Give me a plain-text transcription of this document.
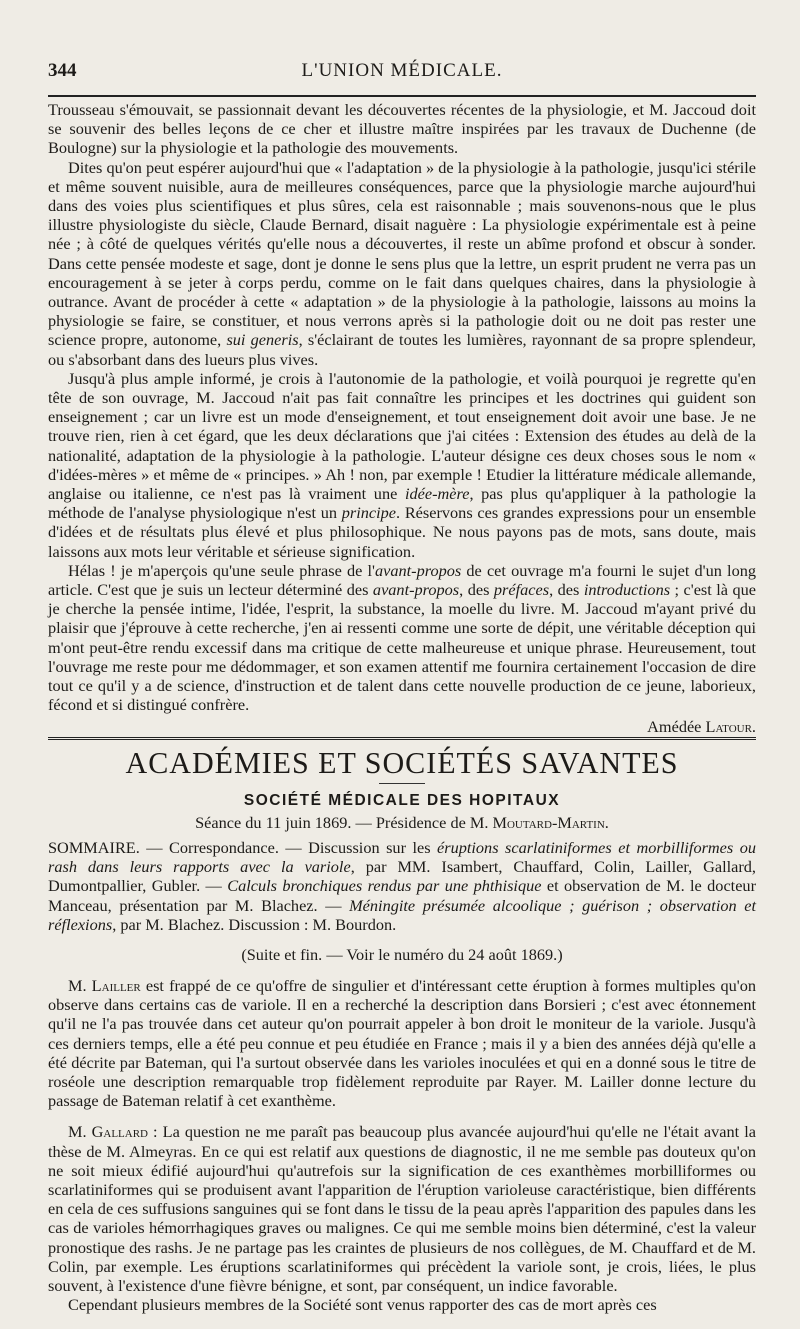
344	L'UNION MÉDICALE.

Trousseau s'émouvait, se passionnait devant les découvertes récentes de la physiologie, et M. Jaccoud doit se souvenir des belles leçons de ce cher et illustre maître inspirées par les travaux de Duchenne (de Boulogne) sur la physiologie et la pathologie des mouvements.

Dites qu'on peut espérer aujourd'hui que « l'adaptation » de la physiologie à la pathologie, jusqu'ici stérile et même souvent nuisible, aura de meilleures conséquences, parce que la physiologie marche aujourd'hui dans des voies plus scientifiques et plus sûres, cela est raisonnable ; mais souvenons-nous que le plus illustre physiologiste du siècle, Claude Bernard, disait naguère : La physiologie expérimentale est à peine née ; à côté de quelques vérités qu'elle nous a découvertes, il reste un abîme profond et obscur à sonder. Dans cette pensée modeste et sage, dont je donne le sens plus que la lettre, un esprit prudent ne verra pas un encouragement à se jeter à corps perdu, comme on le fait dans quelques chaires, dans la physiologie à outrance. Avant de procéder à cette « adaptation » de la physiologie à la pathologie, laissons au moins la physiologie se faire, se constituer, et nous verrons après si la pathologie doit ou ne doit pas rester une science propre, autonome, sui generis, s'éclairant de toutes les lumières, rayonnant de sa propre splendeur, ou s'absorbant dans des lueurs plus vives.

Jusqu'à plus ample informé, je crois à l'autonomie de la pathologie, et voilà pourquoi je regrette qu'en tête de son ouvrage, M. Jaccoud n'ait pas fait connaître les principes et les doctrines qui guident son enseignement ; car un livre est un mode d'enseignement, et tout enseignement doit avoir une base. Je ne trouve rien, rien à cet égard, que les deux déclarations que j'ai citées : Extension des études au delà de la nationalité, adaptation de la physiologie à la pathologie. L'auteur désigne ces deux choses sous le nom « d'idées-mères » et même de « principes. » Ah ! non, par exemple ! Etudier la littérature médicale allemande, anglaise ou italienne, ce n'est pas là vraiment une idée-mère, pas plus qu'appliquer à la pathologie la méthode de l'analyse physiologique n'est un principe. Réservons ces grandes expressions pour un ensemble d'idées et de résultats plus élevé et plus philosophique. Ne nous payons pas de mots, sans doute, mais laissons aux mots leur véritable et sérieuse signification.

Hélas ! je m'aperçois qu'une seule phrase de l'avant-propos de cet ouvrage m'a fourni le sujet d'un long article. C'est que je suis un lecteur déterminé des avant-propos, des préfaces, des introductions ; c'est là que je cherche la pensée intime, l'idée, l'esprit, la substance, la moelle du livre. M. Jaccoud m'ayant privé du plaisir que j'éprouve à cette recherche, j'en ai ressenti comme une sorte de dépit, une véritable déception qui m'ont peut-être rendu excessif dans ma critique de cette malheureuse et unique phrase. Heureusement, tout l'ouvrage me reste pour me dédommager, et son examen attentif me fournira certainement l'occasion de dire tout ce qu'il y a de science, d'instruction et de talent dans cette nouvelle production de ce jeune, laborieux, fécond et si distingué confrère.

Amédée Latour.
ACADÉMIES ET SOCIÉTÉS SAVANTES
SOCIÉTÉ MÉDICALE DES HOPITAUX
Séance du 11 juin 1869. — Présidence de M. Moutard-Martin.

SOMMAIRE. — Correspondance. — Discussion sur les éruptions scarlatiniformes et morbilliformes ou rash dans leurs rapports avec la variole, par MM. Isambert, Chauffard, Colin, Lailler, Gallard, Dumontpallier, Gubler. — Calculs bronchiques rendus par une phthisique et observation de M. le docteur Manceau, présentation par M. Blachez. — Méningite présumée alcoolique ; guérison ; observation et réflexions, par M. Blachez. Discussion : M. Bourdon.

(Suite et fin. — Voir le numéro du 24 août 1869.)

M. Lailler est frappé de ce qu'offre de singulier et d'intéressant cette éruption à formes multiples qu'on observe dans certains cas de variole. Il en a recherché la description dans Borsieri ; c'est avec étonnement qu'il ne l'a pas trouvée dans cet auteur qu'on pourrait appeler à bon droit le moniteur de la variole. Jusqu'à ces derniers temps, elle a été peu connue et peu étudiée en France ; mais il y a bien des années déjà qu'elle a été décrite par Bateman, qui l'a surtout observée dans les varioles inoculées et qui en a donné sous le titre de roséole une description remarquable trop fidèlement reproduite par Rayer. M. Lailler donne lecture du passage de Bateman relatif à cet exanthème.

M. Gallard : La question ne me paraît pas beaucoup plus avancée aujourd'hui qu'elle ne l'était avant la thèse de M. Almeyras. En ce qui est relatif aux questions de diagnostic, il ne me semble pas douteux qu'on ne soit mieux édifié aujourd'hui qu'autrefois sur la signification de ces exanthèmes morbilliformes ou scarlatiniformes qui se produisent avant l'apparition de l'éruption varioleuse caractéristique, bien différents en cela de ces suffusions sanguines qui se font dans le tissu de la peau après l'apparition des papules dans les cas de varioles hémorrhagiques graves ou malignes. Ce qui me semble moins bien déterminé, c'est la valeur pronostique des rashs. Je ne partage pas les craintes de plusieurs de nos collègues, de M. Chauffard et de M. Colin, par exemple. Les éruptions scarlatiniformes qui précèdent la variole sont, je crois, liées, le plus souvent, à l'existence d'une fièvre bénigne, et sont, par conséquent, un indice favorable.

Cependant plusieurs membres de la Société sont venus rapporter des cas de mort après ces
